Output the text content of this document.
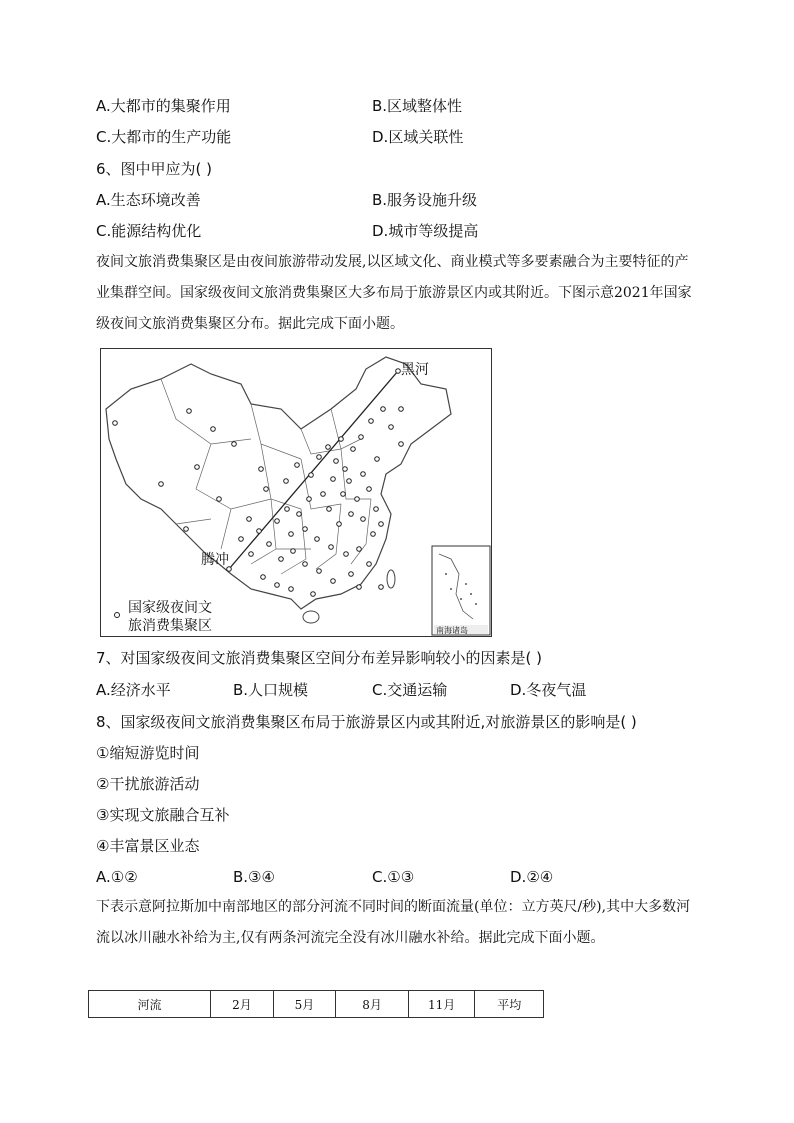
A.大都市的集聚作用	B.区域整体性
C.大都市的生产功能	D.区域关联性
6、图中甲应为( )
A.生态环境改善	B.服务设施升级
C.能源结构优化	D.城市等级提高
夜间文旅消费集聚区是由夜间旅游带动发展,以区域文化、商业模式等多要素融合为主要特征的产业集群空间。国家级夜间文旅消费集聚区大多布局于旅游景区内或其附近。下图示意2021年国家级夜间文旅消费集聚区分布。据此完成下面小题。
黑河
腾冲
国家级夜间文
旅消费集聚区	南海诸岛
7、对国家级夜间文旅消费集聚区空间分布差异影响较小的因素是( )
A.经济水平	B.人口规模	C.交通运输	D.冬夜气温
8、国家级夜间文旅消费集聚区布局于旅游景区内或其附近,对旅游景区的影响是( )
①缩短游览时间
②干扰旅游活动
③实现文旅融合互补
④丰富景区业态
A.①②	B.③④	C.①③	D.②④
下表示意阿拉斯加中南部地区的部分河流不同时间的断面流量(单位：立方英尺/秒),其中大多数河流以冰川融水补给为主,仅有两条河流完全没有冰川融水补给。据此完成下面小题。
河流	2月	5月	8月	11月	平均
